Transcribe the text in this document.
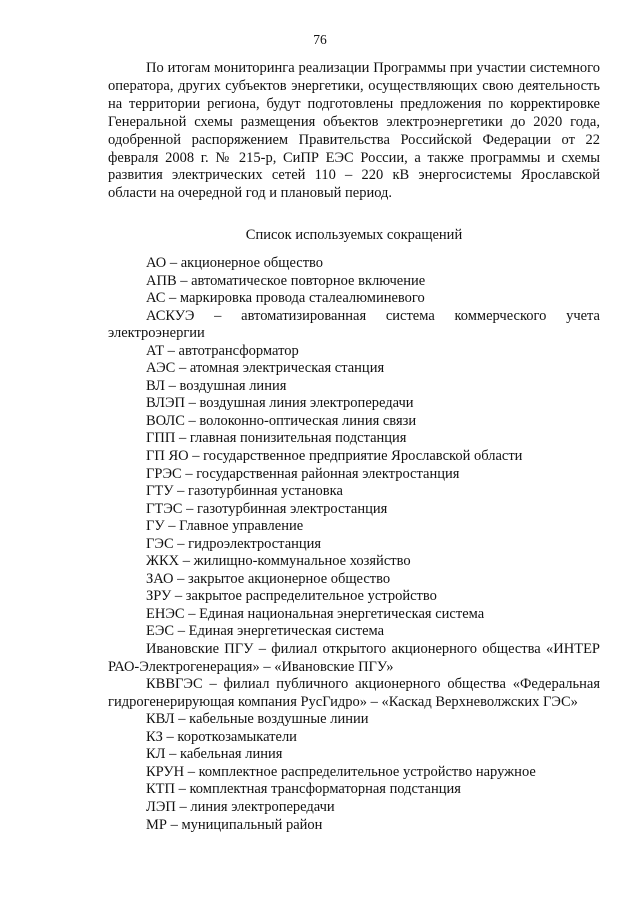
76

По итогам мониторинга реализации Программы при участии системного оператора, других субъектов энергетики, осуществляющих свою деятельность на территории региона, будут подготовлены предложения по корректировке Генеральной схемы размещения объектов электроэнергетики до 2020 года, одобренной распоряжением Правительства Российской Федерации от 22 февраля 2008 г. № 215-р, СиПР ЕЭС России, а также программы и схемы развития электрических сетей 110 – 220 кВ энергосистемы Ярославской области на очередной год и плановый период.

Список используемых сокращений
АО – акционерное общество
АПВ – автоматическое повторное включение
АС – маркировка провода сталеалюминевого
АСКУЭ – автоматизированная система коммерческого учета электроэнергии
АТ – автотрансформатор
АЭС – атомная электрическая станция
ВЛ – воздушная линия
ВЛЭП – воздушная линия электропередачи
ВОЛС – волоконно-оптическая линия связи
ГПП – главная понизительная подстанция
ГП ЯО – государственное предприятие Ярославской области
ГРЭС – государственная районная электростанция
ГТУ – газотурбинная установка
ГТЭС – газотурбинная электростанция
ГУ – Главное управление
ГЭС – гидроэлектростанция
ЖКХ – жилищно-коммунальное хозяйство
ЗАО – закрытое акционерное общество
ЗРУ – закрытое распределительное устройство
ЕНЭС – Единая национальная энергетическая система
ЕЭС – Единая энергетическая система
Ивановские ПГУ – филиал открытого акционерного общества «ИНТЕР РАО-Электрогенерация» – «Ивановские ПГУ»
КВВГЭС – филиал публичного акционерного общества «Федеральная гидрогенерирующая компания РусГидро» – «Каскад Верхневолжских ГЭС»
КВЛ – кабельные воздушные линии
КЗ – короткозамыкатели
КЛ – кабельная линия
КРУН – комплектное распределительное устройство наружное
КТП – комплектная трансформаторная подстанция
ЛЭП – линия электропередачи
МР – муниципальный район
